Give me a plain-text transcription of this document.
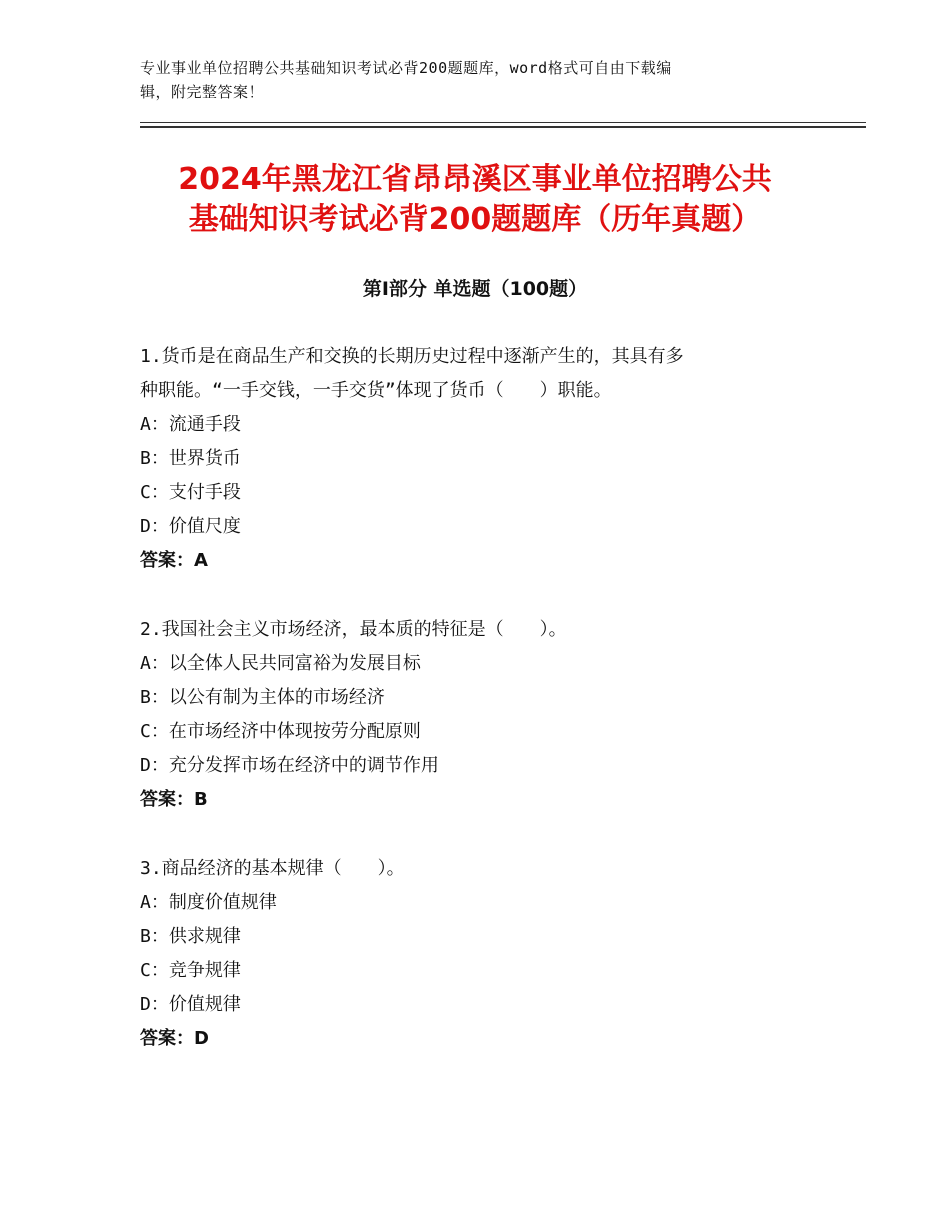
专业事业单位招聘公共基础知识考试必背200题题库，word格式可自由下载编
辑，附完整答案！
2024年黑龙江省昂昂溪区事业单位招聘公共
基础知识考试必背200题题库（历年真题）
第Ⅰ部分 单选题（100题）
1.货币是在商品生产和交换的长期历史过程中逐渐产生的，其具有多
种职能。“一手交钱，一手交货”体现了货币（　　）职能。
A：流通手段
B：世界货币
C：支付手段
D：价值尺度
答案：A
2.我国社会主义市场经济，最本质的特征是（　　）。
A：以全体人民共同富裕为发展目标
B：以公有制为主体的市场经济
C：在市场经济中体现按劳分配原则
D：充分发挥市场在经济中的调节作用
答案：B
3.商品经济的基本规律（　　）。
A：制度价值规律
B：供求规律
C：竞争规律
D：价值规律
答案：D
